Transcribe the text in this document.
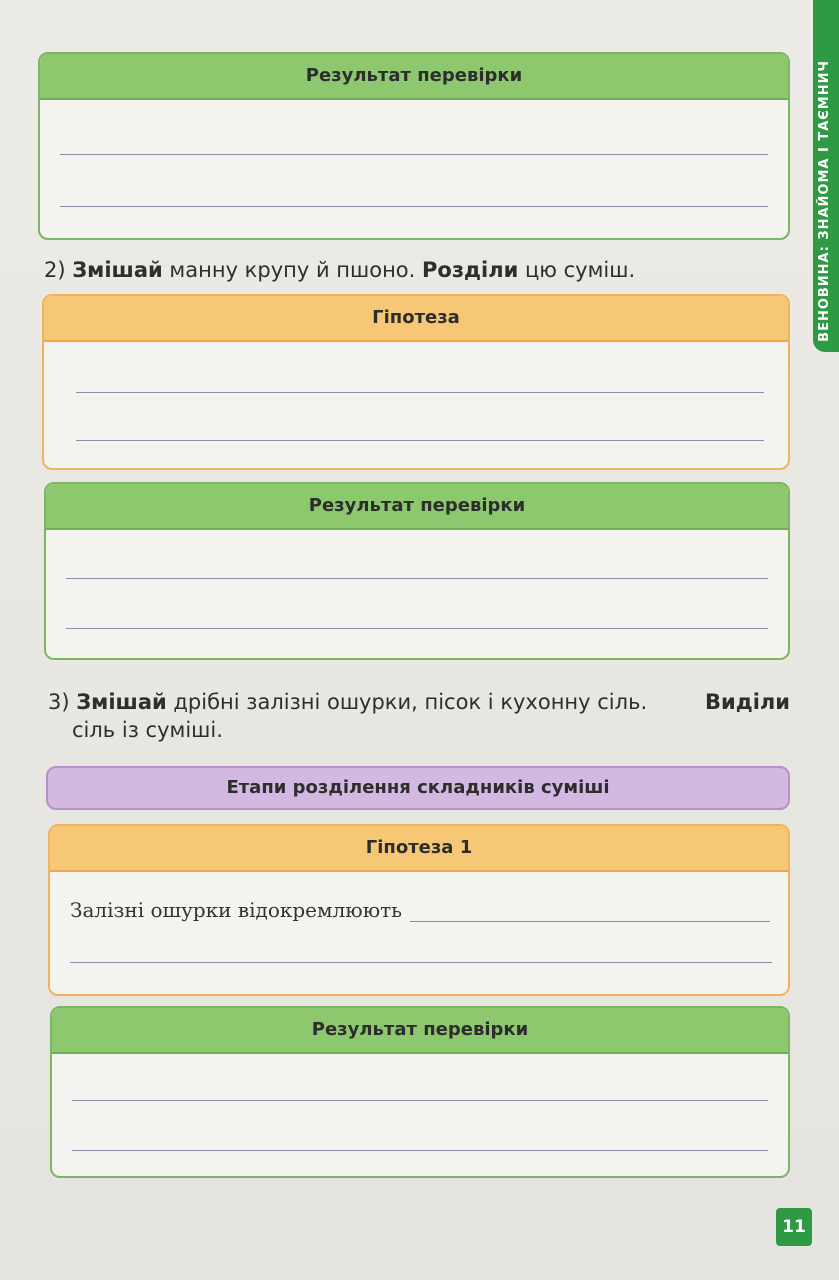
ВЕНОВИНА: ЗНАЙОМА І ТАЄМНИЧ
Результат перевірки
2) Змішай манну крупу й пшоно. Розділи цю суміш.
Гіпотеза
Результат перевірки
3) Змішай дрібні залізні ошурки, пісок і кухонну сіль.	Виділи
сіль із суміші.
Етапи розділення складників суміші
Гіпотеза 1
Залізні ошурки відокремлюють
Результат перевірки
11
